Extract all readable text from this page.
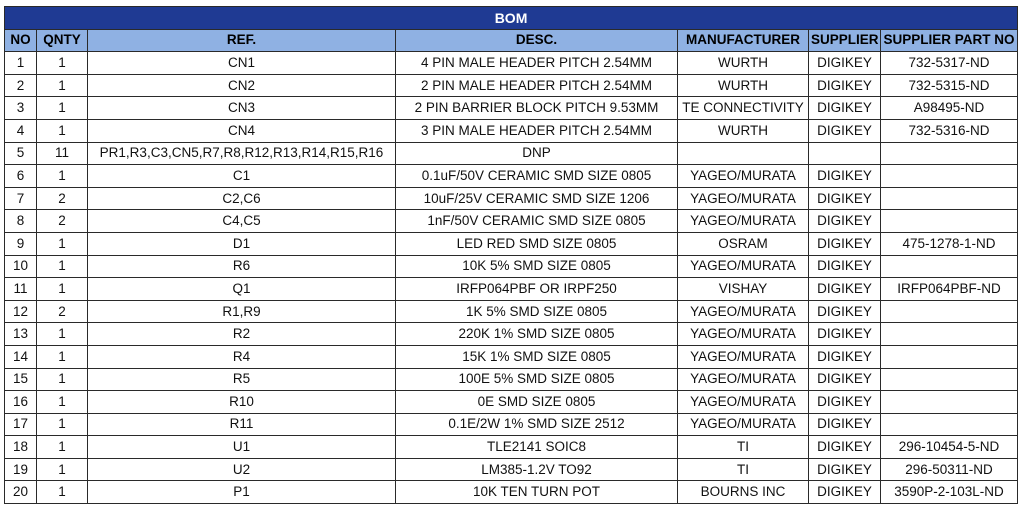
BOM						
NO	QNTY	REF.	DESC.	MANUFACTURER	SUPPLIER	SUPPLIER PART NO
1	1	CN1	4 PIN MALE HEADER PITCH 2.54MM	WURTH	DIGIKEY	732-5317-ND
2	1	CN2	2 PIN MALE HEADER PITCH 2.54MM	WURTH	DIGIKEY	732-5315-ND
3	1	CN3	2 PIN BARRIER BLOCK PITCH 9.53MM	TE CONNECTIVITY	DIGIKEY	A98495-ND
4	1	CN4	3 PIN MALE HEADER PITCH 2.54MM	WURTH	DIGIKEY	732-5316-ND
5	11	PR1,R3,C3,CN5,R7,R8,R12,R13,R14,R15,R16	DNP			
6	1	C1	0.1uF/50V CERAMIC SMD SIZE 0805	YAGEO/MURATA	DIGIKEY	
7	2	C2,C6	10uF/25V CERAMIC SMD SIZE 1206	YAGEO/MURATA	DIGIKEY	
8	2	C4,C5	1nF/50V CERAMIC SMD SIZE 0805	YAGEO/MURATA	DIGIKEY	
9	1	D1	LED RED SMD SIZE 0805	OSRAM	DIGIKEY	475-1278-1-ND
10	1	R6	10K 5% SMD SIZE 0805	YAGEO/MURATA	DIGIKEY	
11	1	Q1	IRFP064PBF OR IRPF250	VISHAY	DIGIKEY	IRFP064PBF-ND
12	2	R1,R9	1K 5% SMD SIZE 0805	YAGEO/MURATA	DIGIKEY	
13	1	R2	220K 1% SMD SIZE 0805	YAGEO/MURATA	DIGIKEY	
14	1	R4	15K 1% SMD SIZE 0805	YAGEO/MURATA	DIGIKEY	
15	1	R5	100E 5% SMD SIZE 0805	YAGEO/MURATA	DIGIKEY	
16	1	R10	0E SMD SIZE 0805	YAGEO/MURATA	DIGIKEY	
17	1	R11	0.1E/2W 1% SMD SIZE 2512	YAGEO/MURATA	DIGIKEY	
18	1	U1	TLE2141 SOIC8	TI	DIGIKEY	296-10454-5-ND
19	1	U2	LM385-1.2V TO92	TI	DIGIKEY	296-50311-ND
20	1	P1	10K TEN TURN POT	BOURNS INC	DIGIKEY	3590P-2-103L-ND
